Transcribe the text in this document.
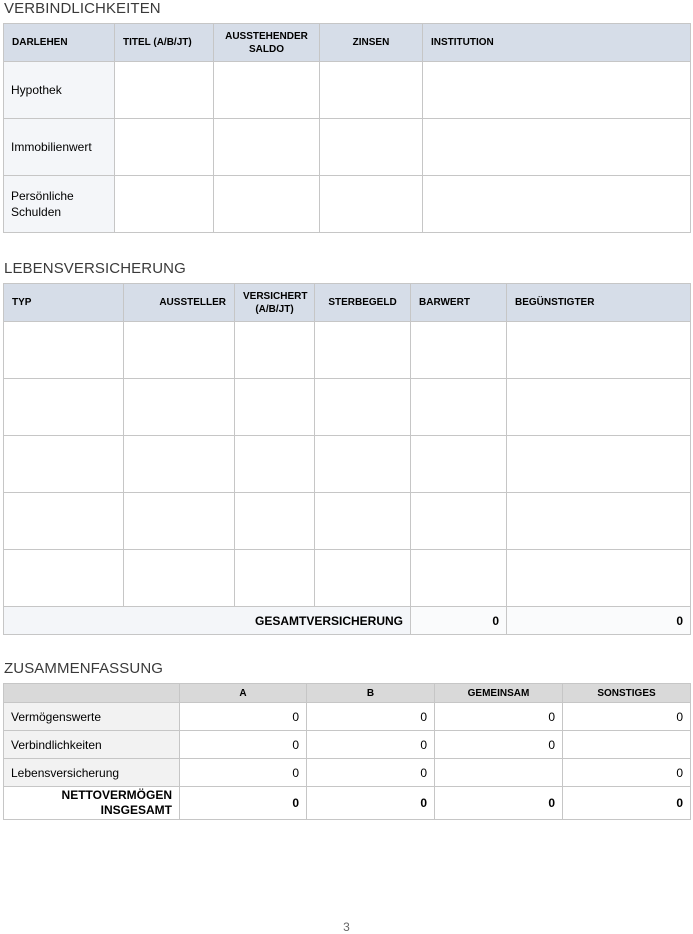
VERBINDLICHKEITEN
DARLEHEN	TITEL (A/B/JT)	AUSSTEHENDER SALDO	ZINSEN	INSTITUTION
Hypothek				
Immobilienwert				
Persönliche Schulden				
LEBENSVERSICHERUNG
TYP	AUSSTELLER	VERSICHERT (A/B/JT)	STERBEGELD	BARWERT	BEGÜNSTIGTER	

GESAMTVERSICHERUNG				0	0	
ZUSAMMENFASSUNG
	A	B	GEMEINSAM	SONSTIGES
Vermögenswerte	0	0	0	0
Verbindlichkeiten	0	0	0	
Lebensversicherung	0	0		0
NETTOVERMÖGEN INSGESAMT	0	0	0	0
3
